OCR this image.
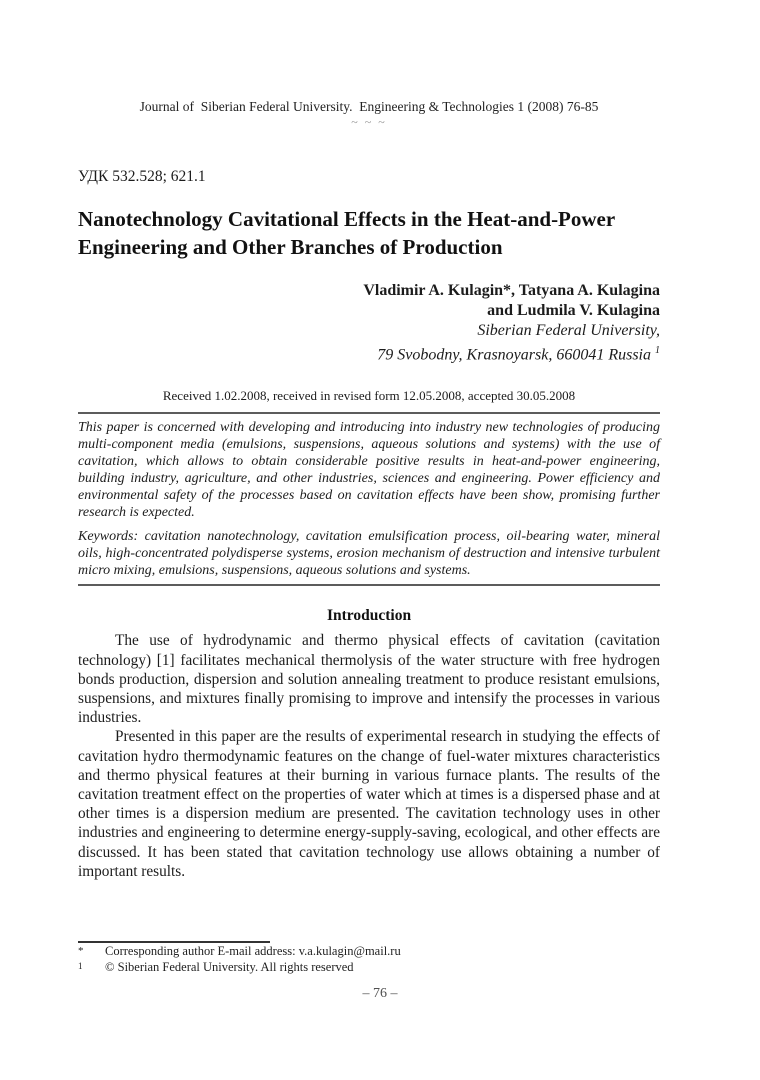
Journal of  Siberian Federal University.  Engineering & Technologies 1 (2008) 76-85
~ ~ ~
УДК 532.528; 621.1
Nanotechnology Cavitational Effects in the Heat-and-Power
Engineering and Other Branches of Production
Vladimir A. Kulagin*, Tatyana A. Kulagina
and Ludmila V. Kulagina
Siberian Federal University,
79 Svobodny, Krasnoyarsk, 660041 Russia $^1$
Received 1.02.2008, received in revised form 12.05.2008, accepted 30.05.2008

This paper is concerned with developing and introducing into industry new technologies of producing multi-component media (emulsions, suspensions, aqueous solutions and systems) with the use of cavitation, which allows to obtain considerable positive results in heat-and-power engineering, building industry, agriculture, and other industries, sciences and engineering. Power efficiency and environmental safety of the processes based on cavitation effects have been show, promising further research is expected.

Keywords: cavitation nanotechnology, cavitation emulsification process, oil-bearing water, mineral oils, high-concentrated polydisperse systems, erosion mechanism of destruction and intensive turbulent micro mixing, emulsions, suspensions, aqueous solutions and systems.

Introduction

The use of hydrodynamic and thermo physical effects of cavitation (cavitation technology) [1] facilitates mechanical thermolysis of the water structure with free hydrogen bonds production, dispersion and solution annealing treatment to produce resistant emulsions, suspensions, and mixtures finally promising to improve and intensify the processes in various industries.

Presented in this paper are the results of experimental research in studying the effects of cavitation hydro thermodynamic features on the change of fuel-water mixtures characteristics and thermo physical features at their burning in various furnace plants. The results of the cavitation treatment effect on the properties of water which at times is a dispersed phase and at other times is a dispersion medium are presented. The cavitation technology uses in other industries and engineering to determine energy-supply-saving, ecological, and other effects are discussed. It has been stated that cavitation technology use allows obtaining a number of important results.

*	Corresponding author E-mail address: v.a.kulagin@mail.ru
1	© Siberian Federal University. All rights reserved
– 76 –
